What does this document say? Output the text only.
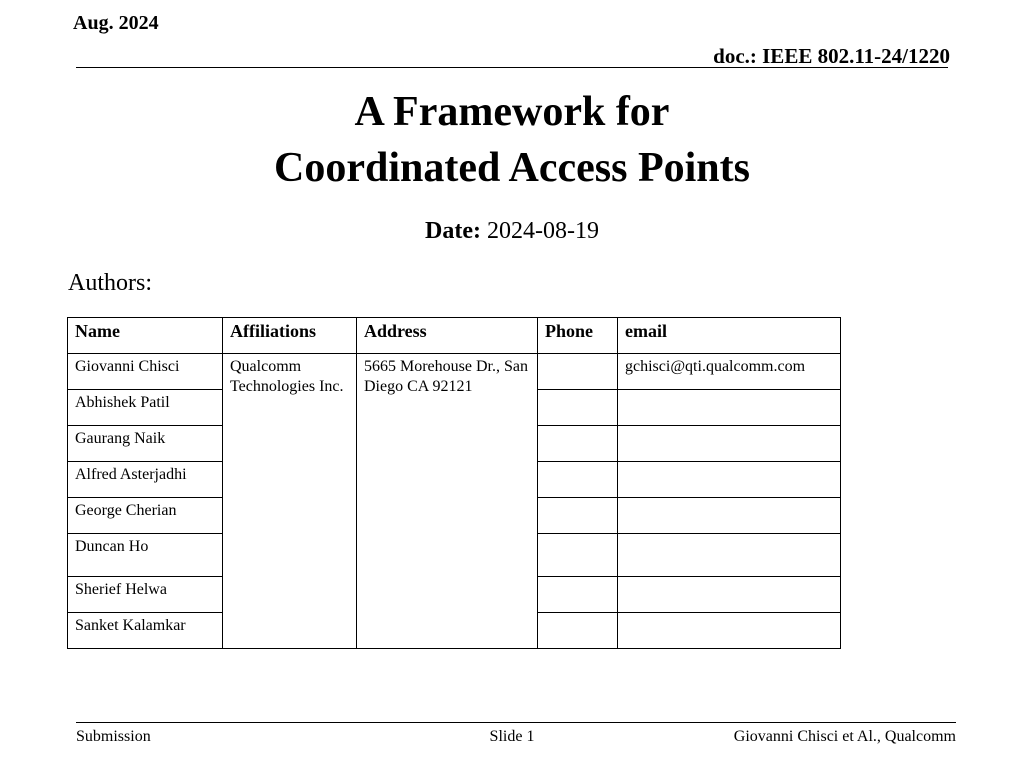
Aug. 2024
doc.: IEEE 802.11-24/1220
A Framework for
Coordinated Access Points
Date: 2024-08-19
Authors:
Name	Affiliations	Address	Phone	email
Giovanni Chisci	Qualcomm Technologies Inc.	5665 Morehouse Dr., San Diego CA 92121		gchisci@qti.qualcomm.com
Abhishek Patil				
Gaurang Naik				
Alfred Asterjadhi				
George Cherian				
Duncan Ho				
Sherief Helwa				
Sanket Kalamkar				
Submission	Slide 1	Giovanni Chisci et Al., Qualcomm
